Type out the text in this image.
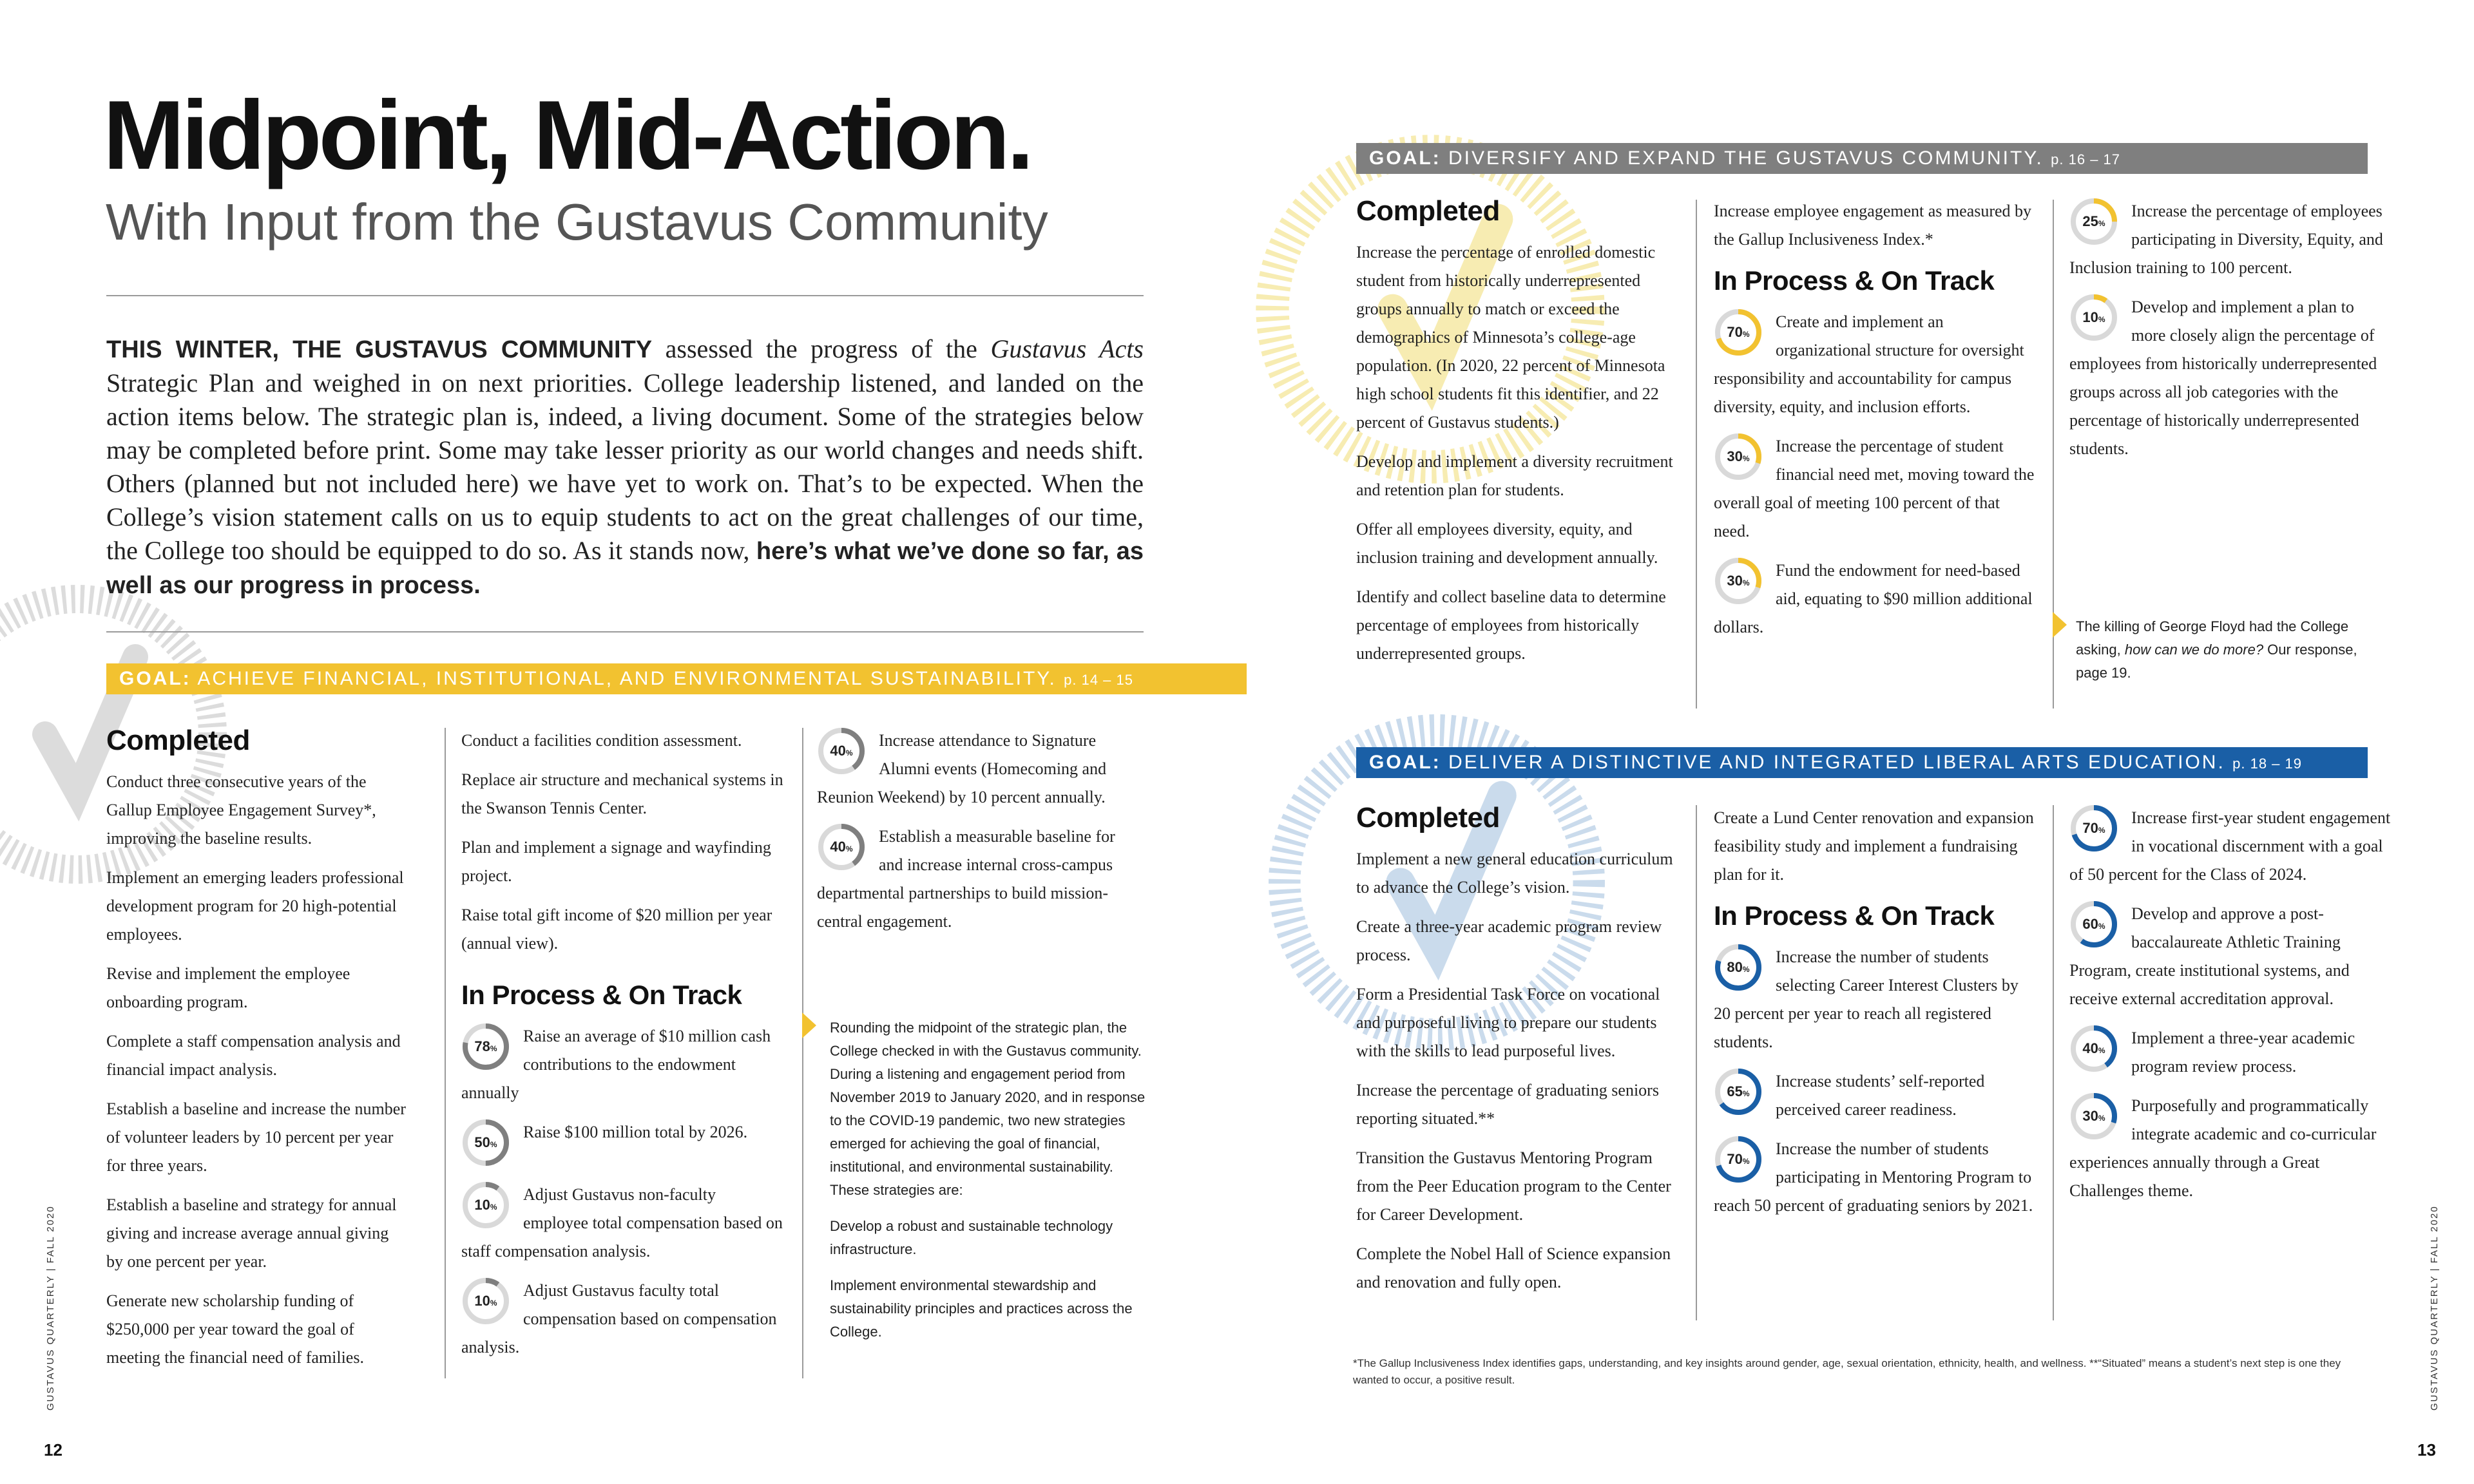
Midpoint, Mid-Action.
With Input from the Gustavus Community
THIS WINTER, THE GUSTAVUS COMMUNITY assessed the progress of the Gustavus Acts Strategic Plan and weighed in on next priorities. College leadership listened, and landed on the action items below. The strategic plan is, indeed, a living document. Some of the strategies below may be completed before print. Some may take lesser priority as our world changes and needs shift. Others (planned but not included here) we have yet to work on. That’s to be expected. When the College’s vision statement calls on us to equip students to act on the great challenges of our time, the College too should be equipped to do so. As it stands now, here’s what we’ve done so far, as well as our progress in process.
GOAL: ACHIEVE FINANCIAL, INSTITUTIONAL, AND ENVIRONMENTAL SUSTAINABILITY. p. 14 – 15
Completed

Conduct three consecutive years of the Gallup Employee Engagement Survey*, improving the baseline results.

Implement an emerging leaders professional development program for 20 high-potential employees.

Revise and implement the employee onboarding program.

Complete a staff compensation analysis and financial impact analysis.

Establish a baseline and increase the number of volunteer leaders by 10 percent per year for three years.

Establish a baseline and strategy for annual giving and increase average annual giving by one percent per year.

Generate new scholarship funding of $250,000 per year toward the goal of meeting the financial need of families.

Conduct a facilities condition assessment.

Replace air structure and mechanical systems in the Swanson Tennis Center.

Plan and implement a signage and wayfinding project.

Raise total gift income of $20 million per year (annual view).

In Process & On Track
78%
Raise an average of $10 million cash contributions to the endowment annually
50%
Raise $100 million total by 2026.
10%
Adjust Gustavus non-faculty employee total compensation based on staff compensation analysis.
10%
Adjust Gustavus faculty total compensation based on compensation analysis.
40%
Increase attendance to Signature Alumni events (Homecoming and Reunion Weekend) by 10 percent annually.
40%
Establish a measurable baseline for and increase internal cross-campus departmental partnerships to build mission-central engagement.

Rounding the midpoint of the strategic plan, the College checked in with the Gustavus community. During a listening and engagement period from November 2019 to January 2020, and in response to the COVID-19 pandemic, two new strategies emerged for achieving the goal of financial, institutional, and environmental sustainability. These strategies are:

Develop a robust and sustainable technology infrastructure.

Implement environmental stewardship and sustainability principles and practices across the College.

GOAL: DIVERSIFY AND EXPAND THE GUSTAVUS COMMUNITY. p. 16 – 17
Completed

Increase the percentage of enrolled domestic student from historically underrepresented groups annually to match or exceed the demographics of Minnesota’s college-age population. (In 2020, 22 percent of Minnesota high school students fit this identifier, and 22 percent of Gustavus students.)

Develop and implement a diversity recruitment and retention plan for students.

Offer all employees diversity, equity, and inclusion training and development annually.

Identify and collect baseline data to determine percentage of employees from historically underrepresented groups.

Increase employee engagement as measured by the Gallup Inclusiveness Index.*

In Process & On Track
70%
Create and implement an organizational structure for oversight responsibility and accountability for campus diversity, equity, and inclusion efforts.
30%
Increase the percentage of student financial need met, moving toward the overall goal of meeting 100 percent of that need.
30%
Fund the endowment for need-based aid, equating to $90 million additional dollars.
25%
Increase the percentage of employees participating in Diversity, Equity, and Inclusion training to 100 percent.
10%
Develop and implement a plan to more closely align the percentage of employees from historically underrepresented groups across all job categories with the percentage of historically underrepresented students.
The killing of George Floyd had the College asking, how can we do more? Our response, page 19.
GOAL: DELIVER A DISTINCTIVE AND INTEGRATED LIBERAL ARTS EDUCATION. p. 18 – 19
Completed

Implement a new general education curriculum to advance the College’s vision.

Create a three-year academic program review process.

Form a Presidential Task Force on vocational and purposeful living to prepare our students with the skills to lead purposeful lives.

Increase the percentage of graduating seniors reporting situated.**

Transition the Gustavus Mentoring Program from the Peer Education program to the Center for Career Development.

Complete the Nobel Hall of Science expansion and renovation and fully open.

Create a Lund Center renovation and expansion feasibility study and implement a fundraising plan for it.

In Process & On Track
80%
Increase the number of students selecting Career Interest Clusters by 20 percent per year to reach all registered students.
65%
Increase students’ self-reported perceived career readiness.
70%
Increase the number of students participating in Mentoring Program to reach 50 percent of graduating seniors by 2021.
70%
Increase first-year student engagement in vocational discernment with a goal of 50 percent for the Class of 2024.
60%
Develop and approve a post-baccalaureate Athletic Training Program, create institutional systems, and receive external accreditation approval.
40%
Implement a three-year academic program review process.
30%
Purposefully and programmatically integrate academic and co-curricular experiences annually through a Great Challenges theme.
*The Gallup Inclusiveness Index identifies gaps, understanding, and key insights around gender, age, sexual orientation, ethnicity, health, and wellness. **“Situated” means a student’s next step is one they wanted to occur, a positive result.
GUSTAVUS QUARTERLY | FALL 2020	GUSTAVUS QUARTERLY | FALL 2020
12	13
